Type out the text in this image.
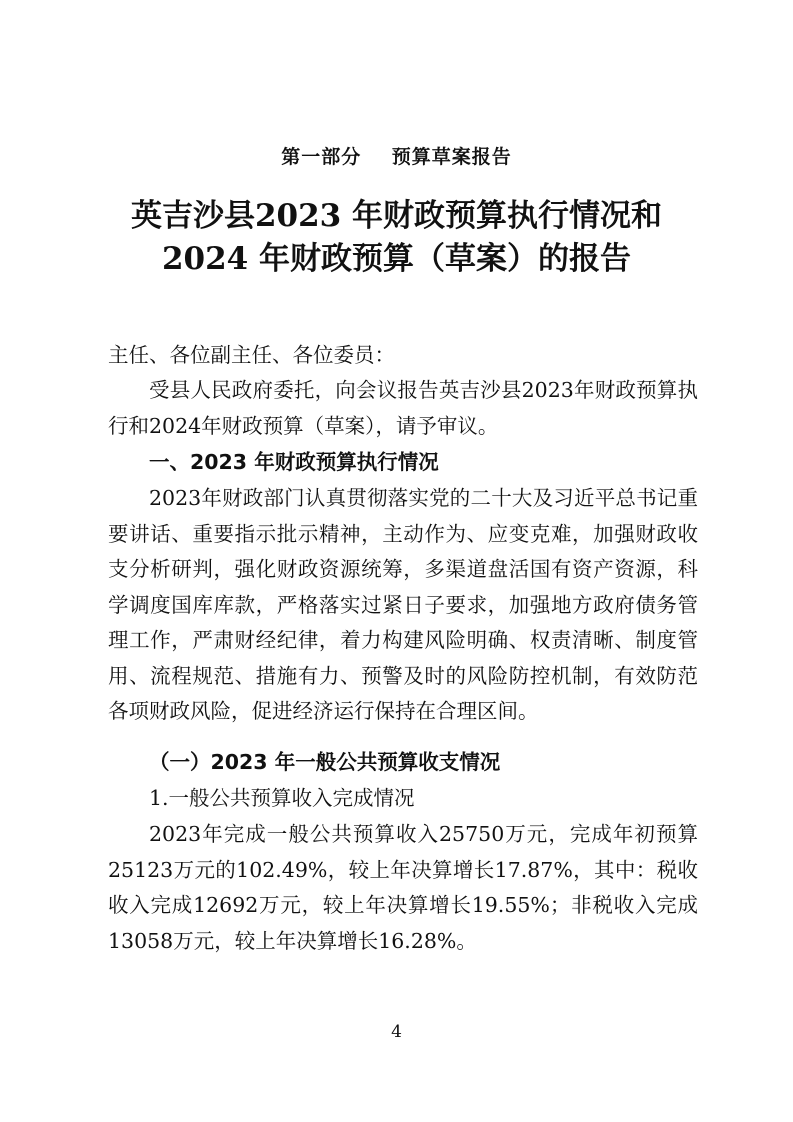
第一部分    预算草案报告
英吉沙县2023 年财政预算执行情况和
2024 年财政预算（草案）的报告
主任、各位副主任、各位委员：
受县人民政府委托，向会议报告英吉沙县2023年财政预算执行和2024年财政预算（草案），请予审议。
一、2023 年财政预算执行情况
2023年财政部门认真贯彻落实党的二十大及习近平总书记重要讲话、重要指示批示精神，主动作为、应变克难，加强财政收支分析研判，强化财政资源统筹，多渠道盘活国有资产资源，科学调度国库库款，严格落实过紧日子要求，加强地方政府债务管理工作，严肃财经纪律，着力构建风险明确、权责清晰、制度管用、流程规范、措施有力、预警及时的风险防控机制，有效防范各项财政风险，促进经济运行保持在合理区间。
（一）2023 年一般公共预算收支情况
1.一般公共预算收入完成情况
2023年完成一般公共预算收入25750万元，完成年初预算25123万元的102.49%，较上年决算增长17.87%，其中：税收收入完成12692万元，较上年决算增长19.55%；非税收入完成13058万元，较上年决算增长16.28%。
4
